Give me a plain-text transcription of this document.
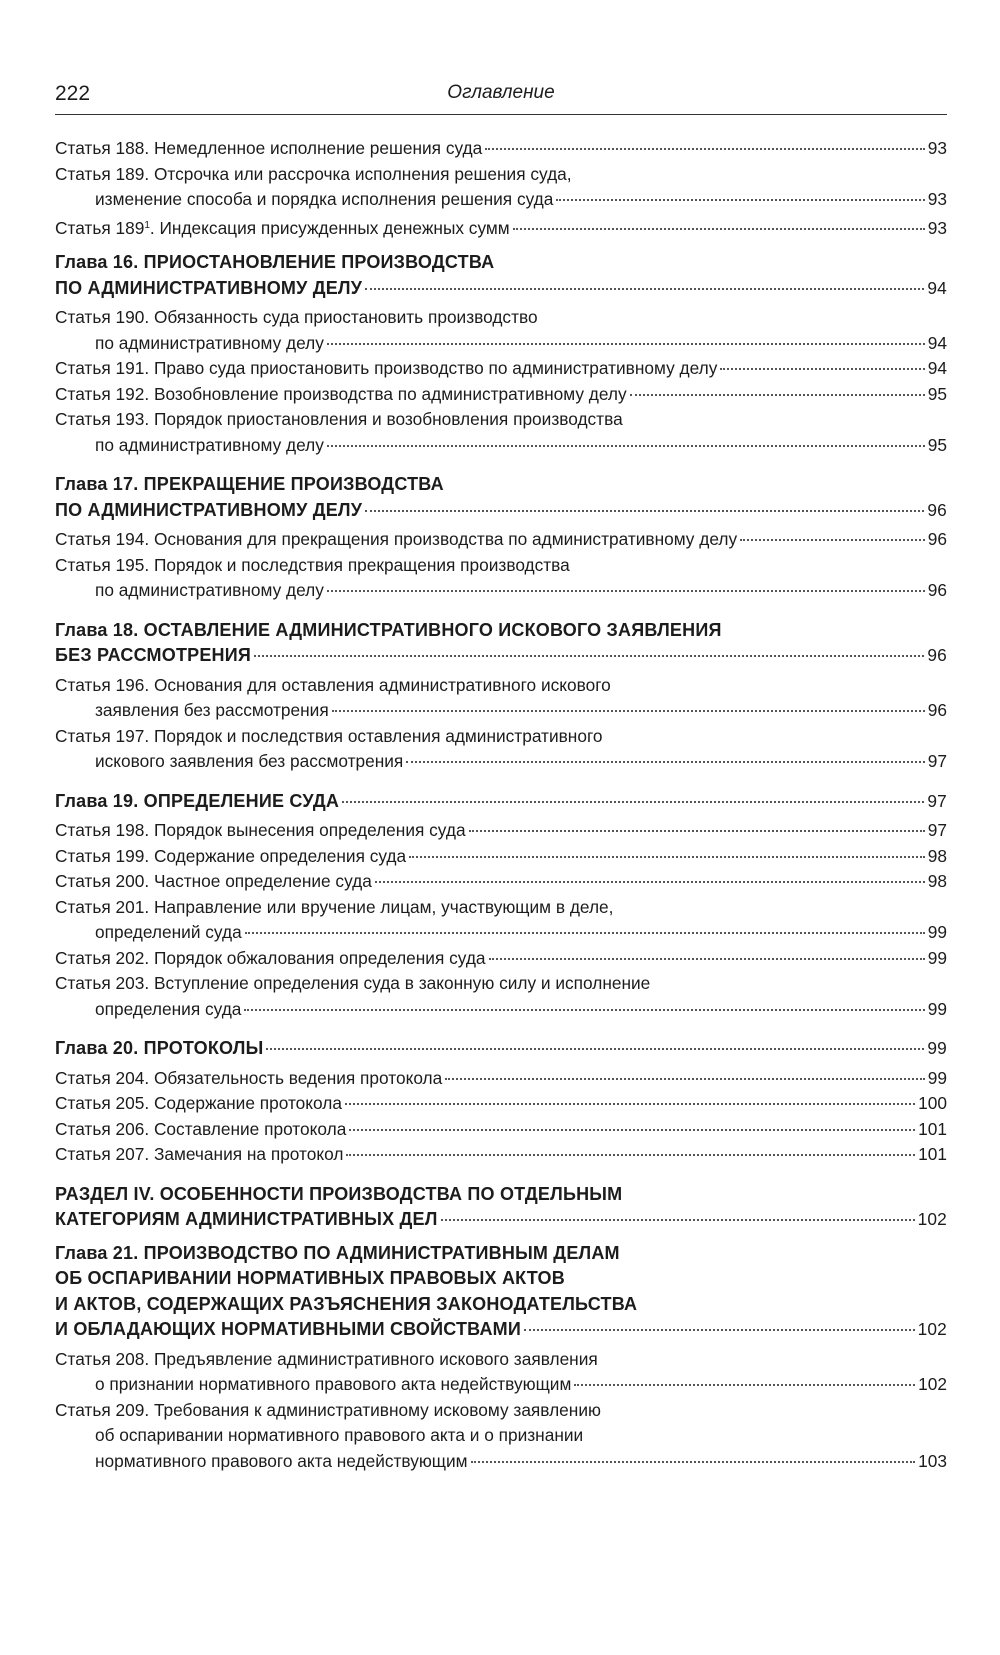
222	Оглавление
Статья 188. Немедленное исполнение решения суда	93
Статья 189. Отсрочка или рассрочка исполнения решения суда,
изменение способа и порядка исполнения решения суда	93
Статья $189^1$. Индексация присужденных денежных сумм	93
Глава 16. ПРИОСТАНОВЛЕНИЕ ПРОИЗВОДСТВА
ПО АДМИНИСТРАТИВНОМУ ДЕЛУ	94
Статья 190. Обязанность суда приостановить производство
по административному делу	94
Статья 191. Право суда приостановить производство по административному делу	94
Статья 192. Возобновление производства по административному делу	95
Статья 193. Порядок приостановления и возобновления производства
по административному делу	95
Глава 17. ПРЕКРАЩЕНИЕ ПРОИЗВОДСТВА
ПО АДМИНИСТРАТИВНОМУ ДЕЛУ	96
Статья 194. Основания для прекращения производства по административному делу	96
Статья 195. Порядок и последствия прекращения производства
по административному делу	96
Глава 18. ОСТАВЛЕНИЕ АДМИНИСТРАТИВНОГО ИСКОВОГО ЗАЯВЛЕНИЯ
БЕЗ РАССМОТРЕНИЯ	96
Статья 196. Основания для оставления административного искового
заявления без рассмотрения	96
Статья 197. Порядок и последствия оставления административного
искового заявления без рассмотрения	97
Глава 19. ОПРЕДЕЛЕНИЕ СУДА	97
Статья 198. Порядок вынесения определения суда	97
Статья 199. Содержание определения суда	98
Статья 200. Частное определение суда	98
Статья 201. Направление или вручение лицам, участвующим в деле,
определений суда	99
Статья 202. Порядок обжалования определения суда	99
Статья 203. Вступление определения суда в законную силу и исполнение
определения суда	99
Глава 20. ПРОТОКОЛЫ	99
Статья 204. Обязательность ведения протокола	99
Статья 205. Содержание протокола	100
Статья 206. Составление протокола	101
Статья 207. Замечания на протокол	101
РАЗДЕЛ IV. ОСОБЕННОСТИ ПРОИЗВОДСТВА ПО ОТДЕЛЬНЫМ
КАТЕГОРИЯМ АДМИНИСТРАТИВНЫХ ДЕЛ	102
Глава 21. ПРОИЗВОДСТВО ПО АДМИНИСТРАТИВНЫМ ДЕЛАМ
ОБ ОСПАРИВАНИИ НОРМАТИВНЫХ ПРАВОВЫХ АКТОВ
И АКТОВ, СОДЕРЖАЩИХ РАЗЪЯСНЕНИЯ ЗАКОНОДАТЕЛЬСТВА
И ОБЛАДАЮЩИХ НОРМАТИВНЫМИ СВОЙСТВАМИ	102
Статья 208. Предъявление административного искового заявления
о признании нормативного правового акта недействующим	102
Статья 209. Требования к административному исковому заявлению
об оспаривании нормативного правового акта и о признании
нормативного правового акта недействующим	103
